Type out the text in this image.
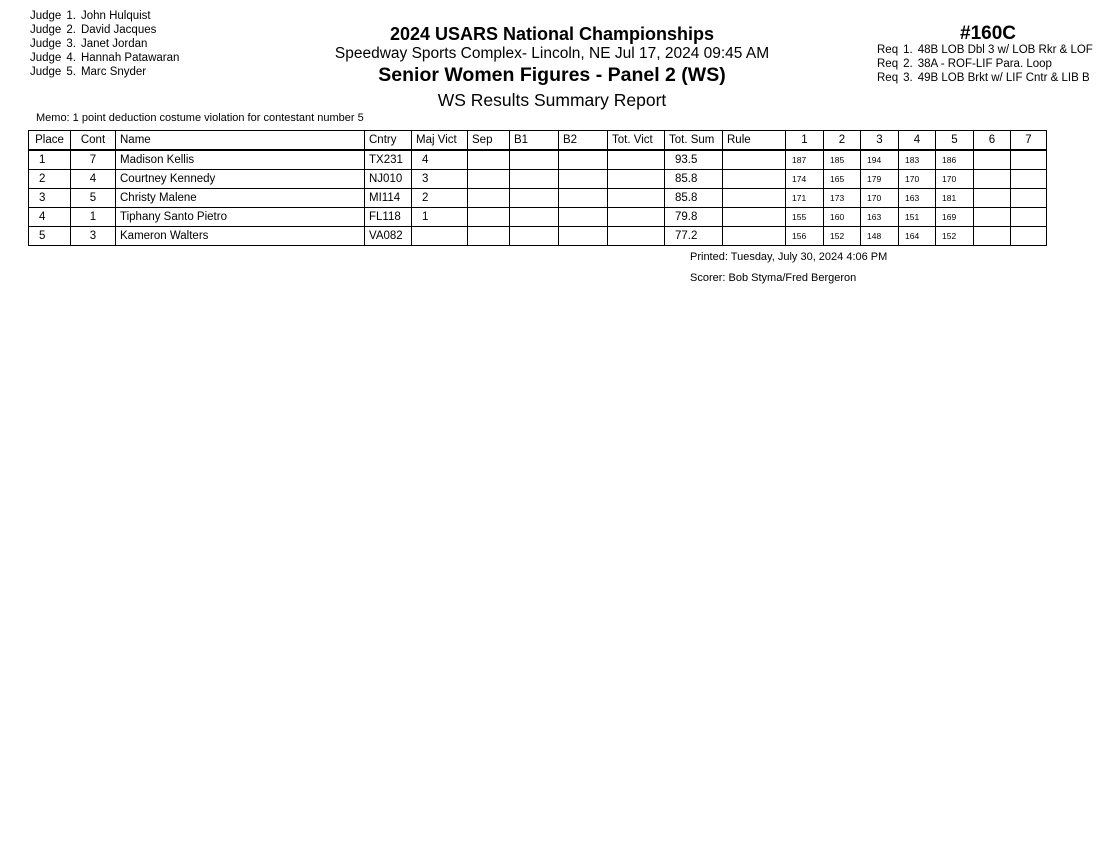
Judge 1. John Hulquist
Judge 2. David Jacques
Judge 3. Janet Jordan
Judge 4. Hannah Patawaran
Judge 5. Marc Snyder
2024 USARS National Championships
Speedway Sports Complex- Lincoln, NE Jul 17, 2024 09:45 AM
Senior Women Figures - Panel 2 (WS)
WS Results Summary Report
#160C
Req 1. 48B LOB Dbl 3 w/ LOB Rkr & LOF
Req 2. 38A - ROF-LIF Para. Loop
Req 3. 49B LOB Brkt w/ LIF Cntr & LIB B
Memo: 1 point deduction costume violation for contestant number 5
Place	Cont	Name	Cntry	Maj Vict	Sep	B1	B2	Tot. Vict	Tot. Sum	Rule	1	2	3	4	5	6	7
1	7	Madison Kellis	TX231	4					93.5		187	185	194	183	186		
2	4	Courtney Kennedy	NJ010	3					85.8		174	165	179	170	170		
3	5	Christy Malene	MI114	2					85.8		171	173	170	163	181		
4	1	Tiphany Santo Pietro	FL118	1					79.8		155	160	163	151	169		
5	3	Kameron Walters	VA082						77.2		156	152	148	164	152		
Printed: Tuesday, July 30, 2024 4:06 PM
Scorer: Bob Styma/Fred Bergeron
